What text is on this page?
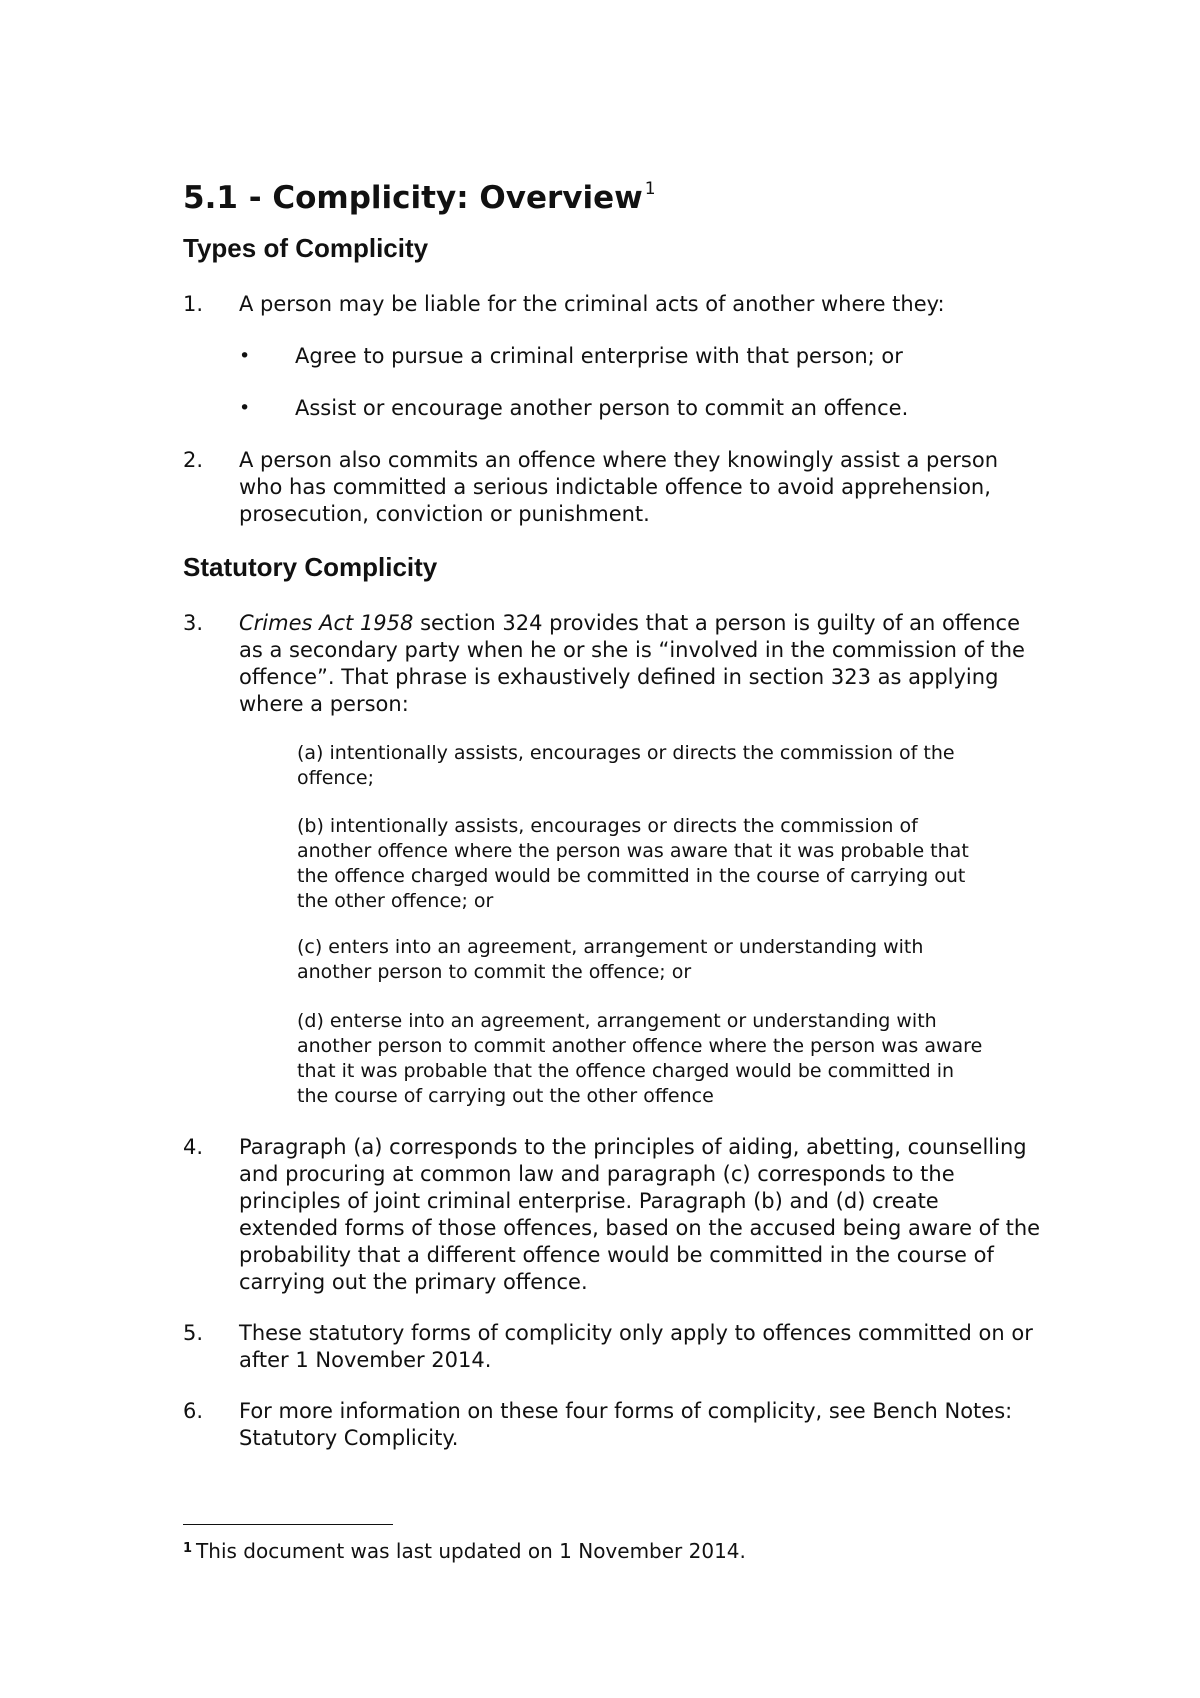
5.1 - Complicity: Overview $^1$
Types of Complicity
1.	A person may be liable for the criminal acts of another where they:
• Agree to pursue a criminal enterprise with that person; or
• Assist or encourage another person to commit an offence.
2.	A person also commits an offence where they knowingly assist a person who has committed a serious indictable offence to avoid apprehension, prosecution, conviction or punishment.
Statutory Complicity
3.	Crimes Act 1958 section 324 provides that a person is guilty of an offence as a secondary party when he or she is “involved in the commission of the offence”. That phrase is exhaustively defined in section 323 as applying where a person:
(a) intentionally assists, encourages or directs the commission of the offence;
(b) intentionally assists, encourages or directs the commission of another offence where the person was aware that it was probable that the offence charged would be committed in the course of carrying out the other offence; or
(c) enters into an agreement, arrangement or understanding with another person to commit the offence; or
(d) enterse into an agreement, arrangement or understanding with another person to commit another offence where the person was aware that it was probable that the offence charged would be committed in the course of carrying out the other offence
4.	Paragraph (a) corresponds to the principles of aiding, abetting, counselling and procuring at common law and paragraph (c) corresponds to the principles of joint criminal enterprise. Paragraph (b) and (d) create extended forms of those offences, based on the accused being aware of the probability that a different offence would be committed in the course of carrying out the primary offence.
5.	These statutory forms of complicity only apply to offences committed on or after 1 November 2014.
6.	For more information on these four forms of complicity, see Bench Notes: Statutory Complicity.
$^1$ This document was last updated on 1 November 2014.
